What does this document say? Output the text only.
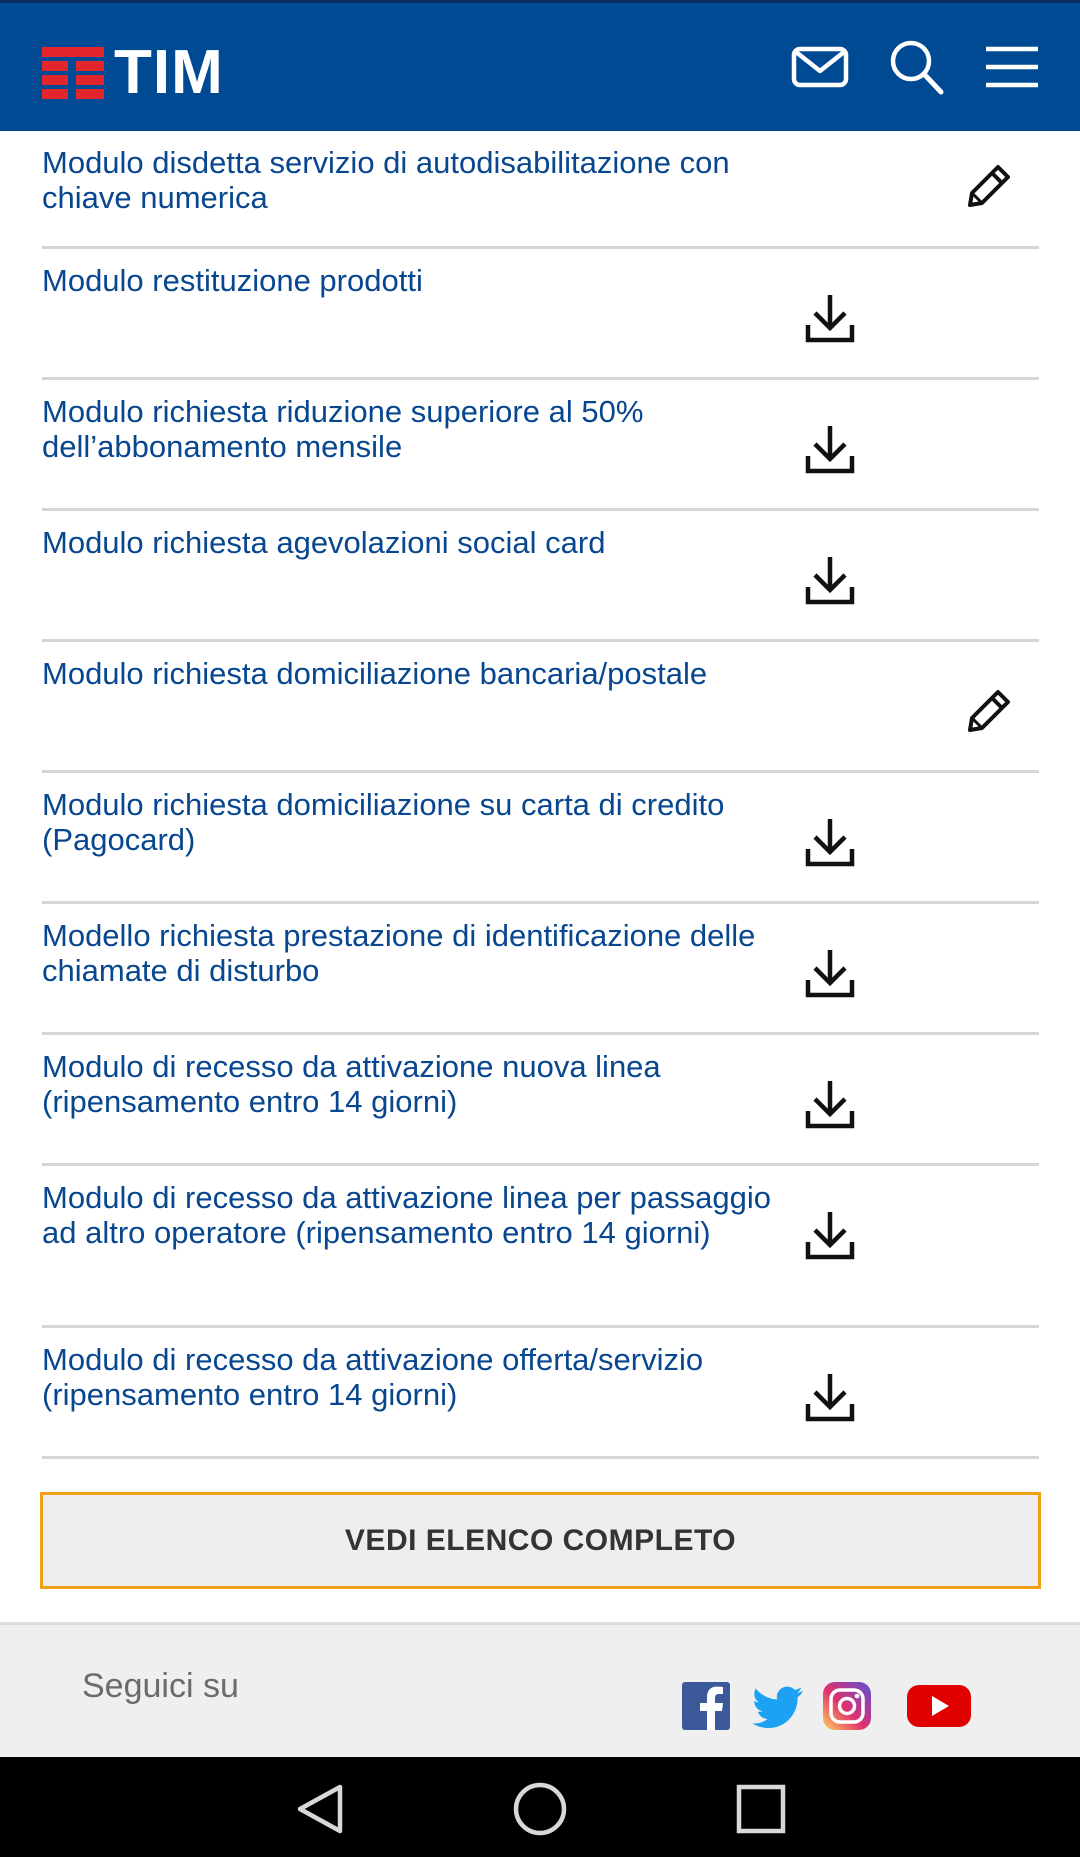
TIM
Modulo disdetta servizio di autodisabilitazione con chiave numerica
Modulo restituzione prodotti
Modulo richiesta riduzione superiore al 50% dell’abbonamento mensile
Modulo richiesta agevolazioni social card
Modulo richiesta domiciliazione bancaria/postale
Modulo richiesta domiciliazione su carta di credito (Pagocard)
Modello richiesta prestazione di identificazione delle chiamate di disturbo
Modulo di recesso da attivazione nuova linea (ripensamento entro 14 giorni)
Modulo di recesso da attivazione linea per passaggio ad altro operatore (ripensamento entro 14 giorni)
Modulo di recesso da attivazione offerta/servizio (ripensamento entro 14 giorni)
VEDI ELENCO COMPLETO
Seguici su
